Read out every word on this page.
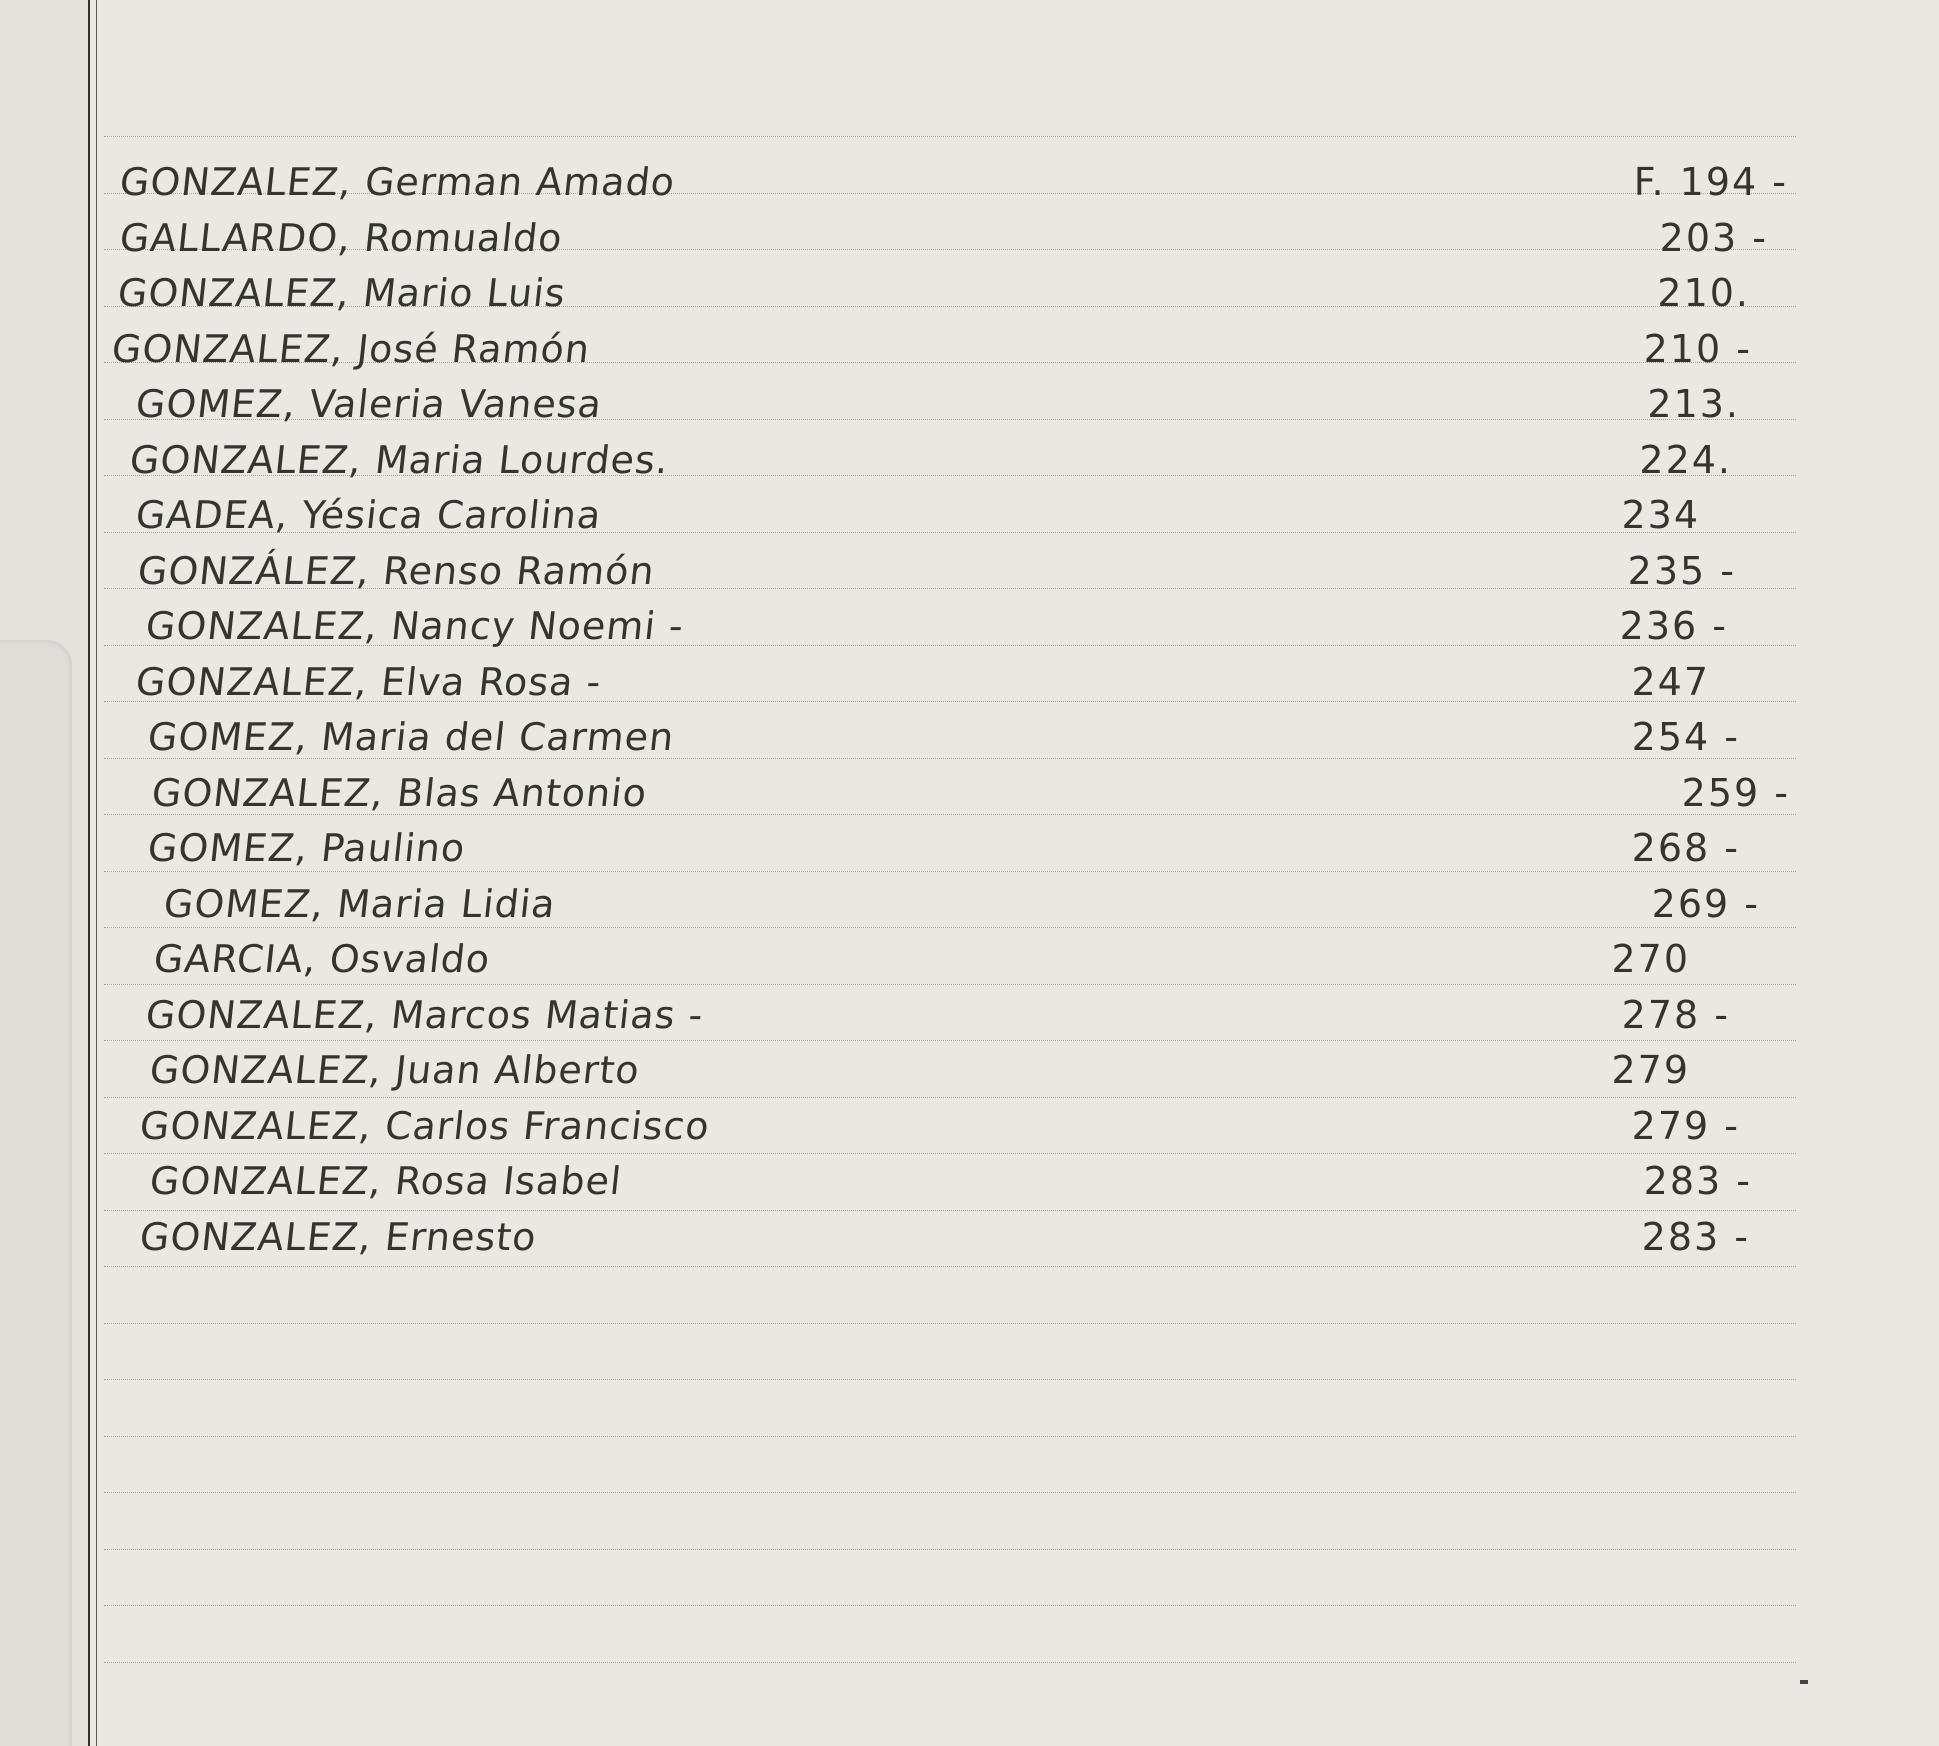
GONZALEZ, German Amado	F. 194 -
GALLARDO, Romualdo	203 -
GONZALEZ, Mario Luis	210.
GONZALEZ, José Ramón	210 -
GOMEZ, Valeria Vanesa	213.
GONZALEZ, Maria Lourdes.	224.
GADEA, Yésica Carolina	234
GONZÁLEZ, Renso Ramón	235 -
GONZALEZ, Nancy Noemi -	236 -
GONZALEZ, Elva Rosa -	247
GOMEZ, Maria del Carmen	254 -
GONZALEZ, Blas Antonio	259 -
GOMEZ, Paulino	268 -
GOMEZ, Maria Lidia	269 -
GARCIA, Osvaldo	270
GONZALEZ, Marcos Matias -	278 -
GONZALEZ, Juan Alberto	279
GONZALEZ, Carlos Francisco	279 -
GONZALEZ, Rosa Isabel	283 -
GONZALEZ, Ernesto	283 -
